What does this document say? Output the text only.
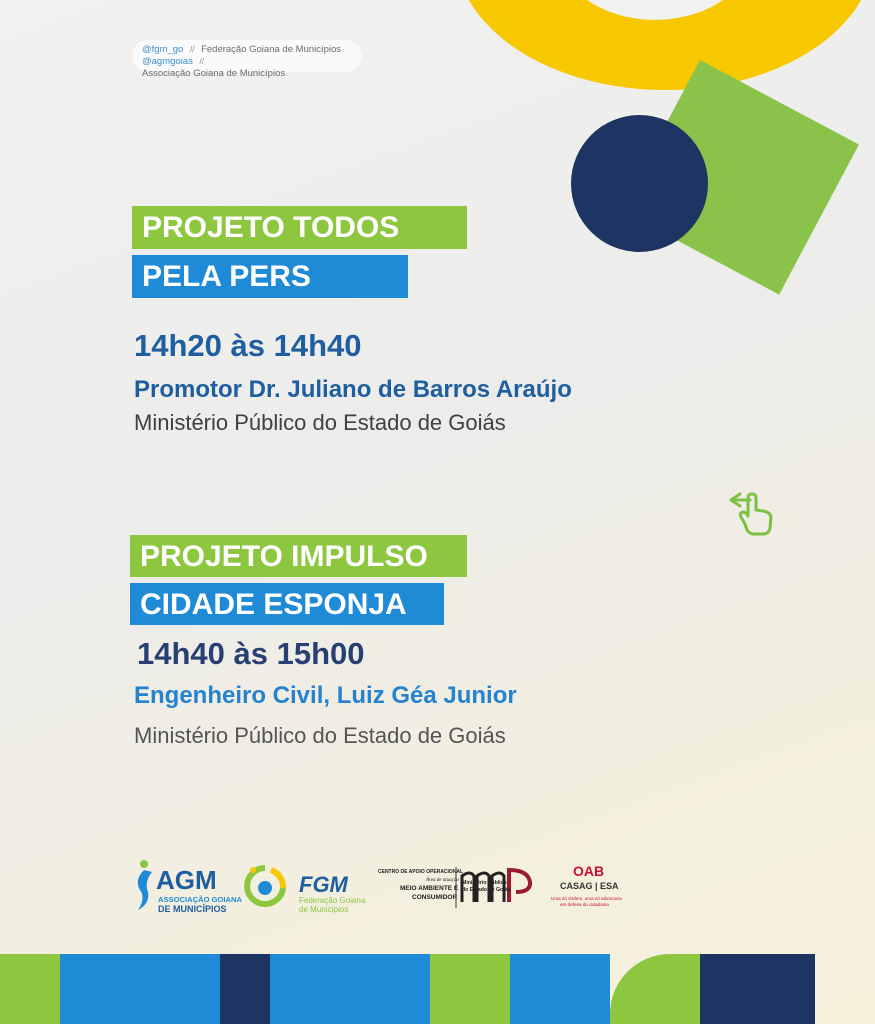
@fgm_go // Federação Goiana de Municípios
@agmgoias // Associação Goiana de Municípios
PROJETO TODOS
PELA PERS
14h20 às 14h40
Promotor Dr. Juliano de Barros Araújo
Ministério Público do Estado de Goiás
PROJETO IMPULSO
CIDADE ESPONJA
14h40 às 15h00
Engenheiro Civil, Luiz Géa Junior
Ministério Público do Estado de Goiás
AGM
ASSOCIAÇÃO GOIANA
DE MUNICÍPIOS
FGM
Federação Goiana
de Municípios
CENTRO DE APOIO OPERACIONAL
Área de atuação
MEIO AMBIENTE E
CONSUMIDOR
Ministério Público
do Estado de Goiás
OAB
CASAG | ESA
Uma só Ordem, uma só advocacia
em defesa da cidadania
